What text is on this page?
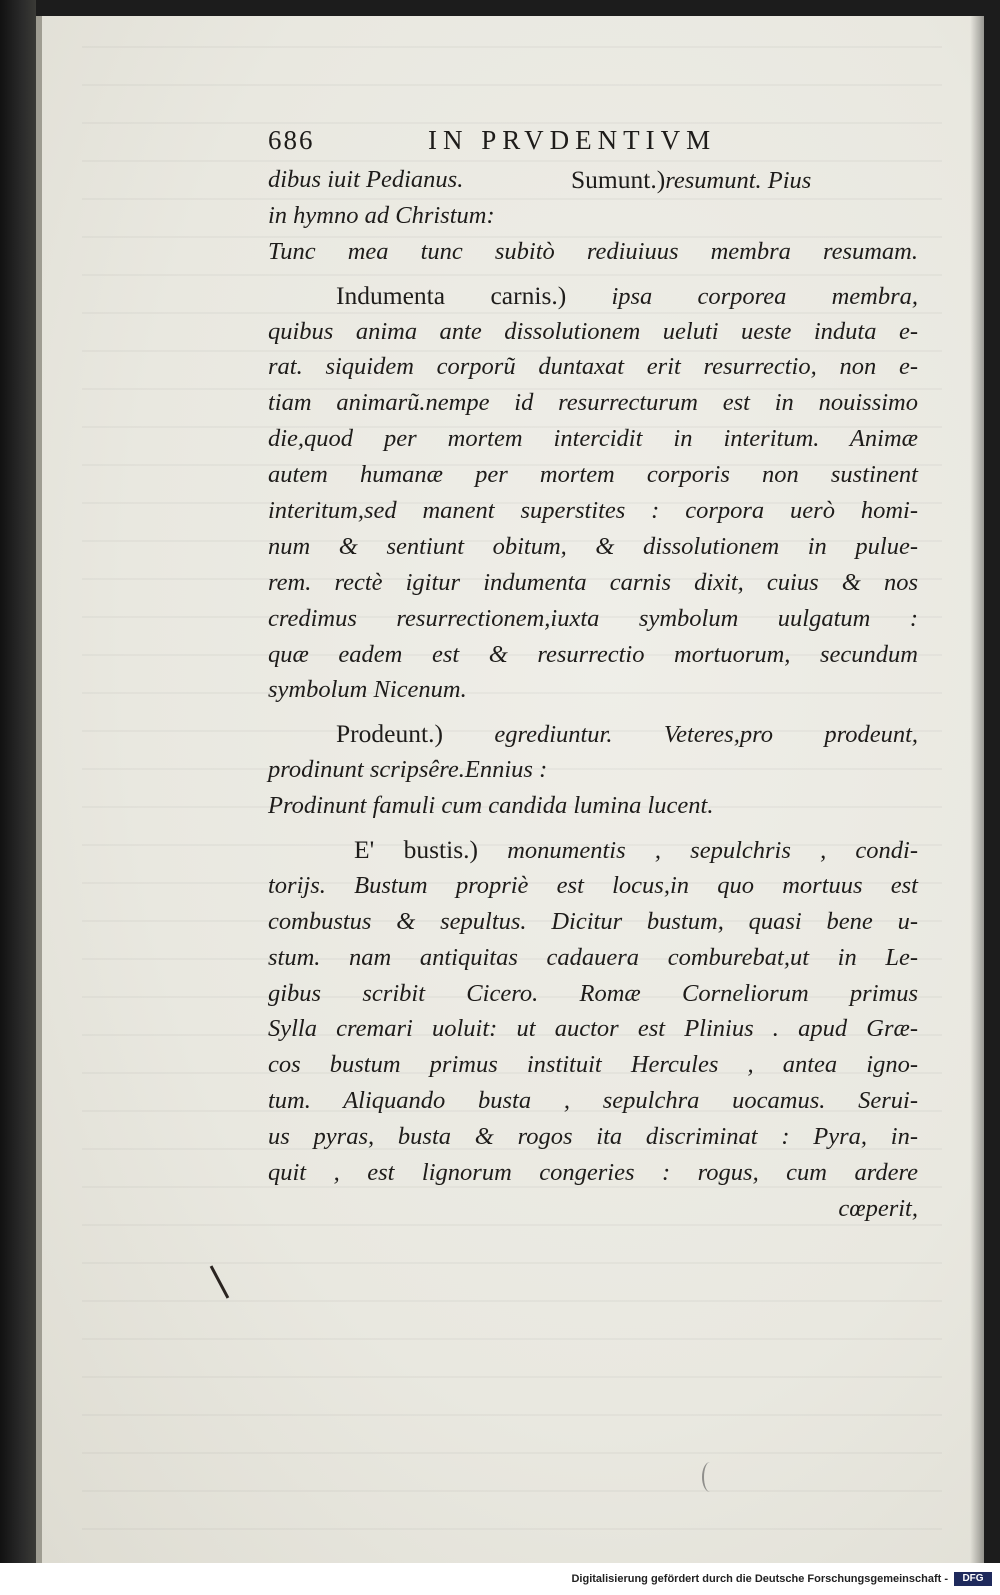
686	IN PRVDENTIVM
dibus iuit Pedianus.	Sumunt.)resumunt. Pius
in hymno ad Christum:
Tunc mea tunc subitò rediuiuus membra resumam.
Indumenta carnis.) ipsa corporea membra,
quibus anima ante dissolutionem ueluti ueste induta e-
rat. siquidem corporũ duntaxat erit resurrectio, non e-
tiam animarũ.nempe id resurrecturum est in nouissimo
die,quod per mortem intercidit in interitum. Animæ
autem humanæ per mortem corporis non sustinent
interitum,sed manent superstites : corpora uerò homi-
num & sentiunt obitum, & dissolutionem in pulue-
rem. rectè igitur indumenta carnis dixit, cuius & nos
credimus resurrectionem,iuxta symbolum uulgatum :
quæ eadem est & resurrectio mortuorum, secundum
symbolum Nicenum.
Prodeunt.) egrediuntur. Veteres,pro prodeunt,
prodinunt scripsêre.Ennius :
Prodinunt famuli cum candida lumina lucent.
E' bustis.) monumentis , sepulchris , condi-
torijs. Bustum propriè est locus,in quo mortuus est
combustus & sepultus. Dicitur bustum, quasi bene u-
stum. nam antiquitas cadauera comburebat,ut in Le-
gibus scribit Cicero. Romæ Corneliorum primus
Sylla cremari uoluit: ut auctor est Plinius . apud Græ-
cos bustum primus instituit Hercules , antea igno-
tum. Aliquando busta , sepulchra uocamus. Serui-
us pyras, busta & rogos ita discriminat : Pyra, in-
quit , est lignorum congeries : rogus, cum ardere
cœperit,
Digitalisierung gefördert durch die Deutsche Forschungsgemeinschaft -	DFG
